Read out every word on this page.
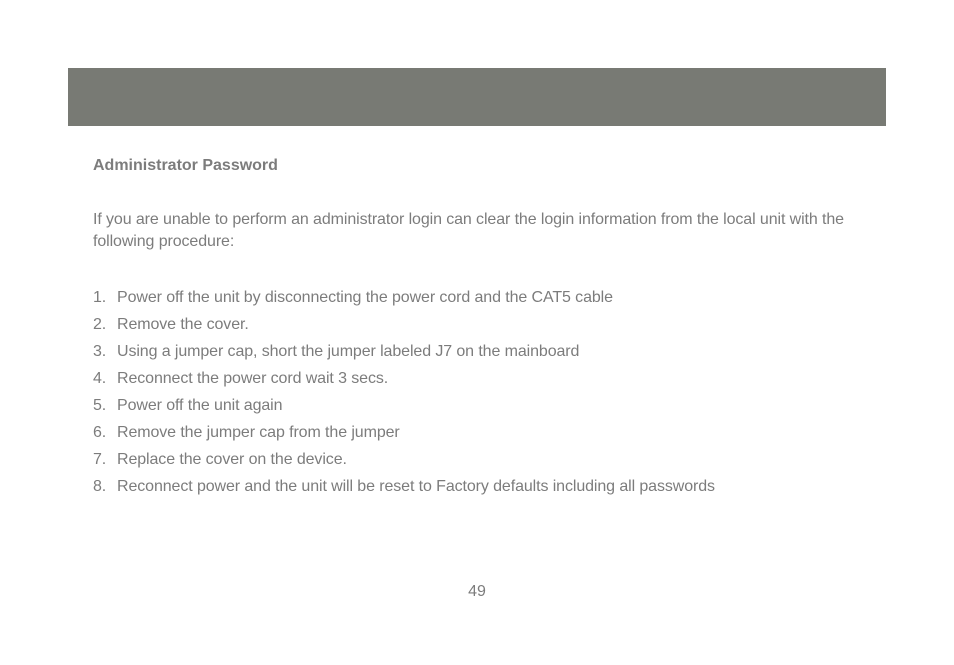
Administrator Password

If you are unable to perform an administrator login can clear the login information from the local unit with the following procedure:

1. Power off the unit by disconnecting the power cord and the CAT5 cable
2. Remove the cover.
3. Using a jumper cap, short the jumper labeled J7 on the mainboard
4. Reconnect the power cord wait 3 secs.
5. Power off the unit again
6. Remove the jumper cap from the jumper
7. Replace the cover on the device.
8. Reconnect power and the unit will be reset to Factory defaults including all passwords
49
